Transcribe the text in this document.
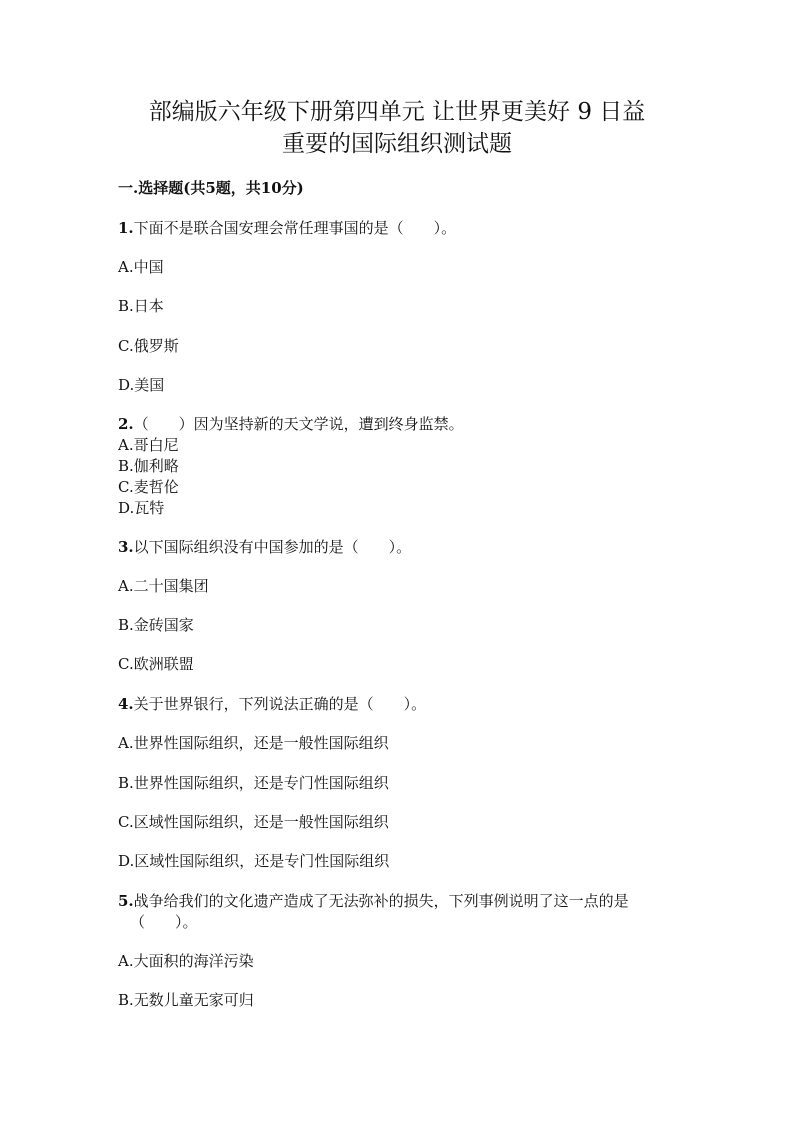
部编版六年级下册第四单元 让世界更美好 9 日益
重要的国际组织测试题
一.选择题(共5题，共10分)
1.下面不是联合国安理会常任理事国的是（　　）。
A.中国
B.日本
C.俄罗斯
D.美国
2.（　　）因为坚持新的天文学说，遭到终身监禁。
A.哥白尼
B.伽利略
C.麦哲伦
D.瓦特
3.以下国际组织没有中国参加的是（　　）。
A.二十国集团
B.金砖国家
C.欧洲联盟
4.关于世界银行，下列说法正确的是（　　）。
A.世界性国际组织，还是一般性国际组织
B.世界性国际组织，还是专门性国际组织
C.区域性国际组织，还是一般性国际组织
D.区域性国际组织，还是专门性国际组织
5.战争给我们的文化遗产造成了无法弥补的损失，下列事例说明了这一点的是
（　　）。
A.大面积的海洋污染
B.无数儿童无家可归
